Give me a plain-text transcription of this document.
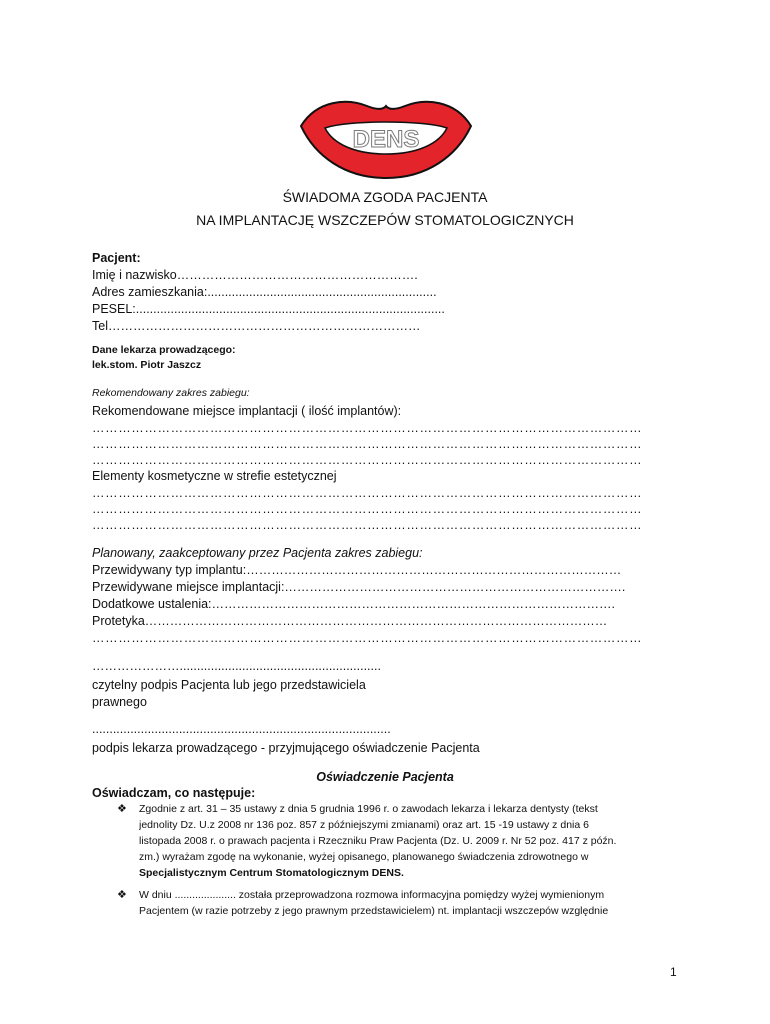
DENS
ŚWIADOMA ZGODA PACJENTA
NA IMPLANTACJĘ WSZCZEPÓW STOMATOLOGICZNYCH
Pacjent:
Imię i nazwisko………………………………………………….
Adres zamieszkania:..................................................................
PESEL:.........................................................................................
Tel…………………………………………………………………
Dane lekarza prowadzącego:
lek.stom. Piotr Jaszcz
Rekomendowany zakres zabiegu:
Rekomendowane miejsce implantacji ( ilość implantów):
………………………………………………………………………………………………………………
………………………………………………………………………………………………………………
………………………………………………………………………………………………………………
Elementy kosmetyczne w strefie estetycznej
………………………………………………………………………………………………………………
………………………………………………………………………………………………………………
………………………………………………………………………………………………………………
Planowany, zaakceptowany przez Pacjenta zakres zabiegu:
Przewidywany typ implantu:………………………………………………………………………………
Przewidywane miejsce implantacji:……………………………………………………………………….
Dodatkowe ustalenia:…………………………………………………………………………………….
Protetyka…………………………………………………………………………………………………
………………………………………………………………………………………………………………
…………………..........................................................
czytelny podpis Pacjenta lub jego przedstawiciela
prawnego
......................................................................................
podpis lekarza prowadzącego - przyjmującego oświadczenie Pacjenta
Oświadczenie Pacjenta
Oświadczam, co następuje:
❖	Zgodnie z art. 31 – 35 ustawy z dnia 5 grudnia 1996 r. o zawodach lekarza i lekarza dentysty (tekst
jednolity Dz. U.z 2008 nr 136 poz. 857 z późniejszymi zmianami) oraz art. 15 -19 ustawy z dnia 6
listopada 2008 r. o prawach pacjenta i Rzeczniku Praw Pacjenta (Dz. U. 2009 r. Nr 52 poz. 417 z późn.
zm.) wyrażam zgodę na wykonanie, wyżej opisanego, planowanego świadczenia zdrowotnego w
Specjalistycznym Centrum Stomatologicznym DENS.
❖	W dniu ..................... została przeprowadzona rozmowa informacyjna pomiędzy wyżej wymienionym
Pacjentem (w razie potrzeby z jego prawnym przedstawicielem) nt. implantacji wszczepów względnie
1
